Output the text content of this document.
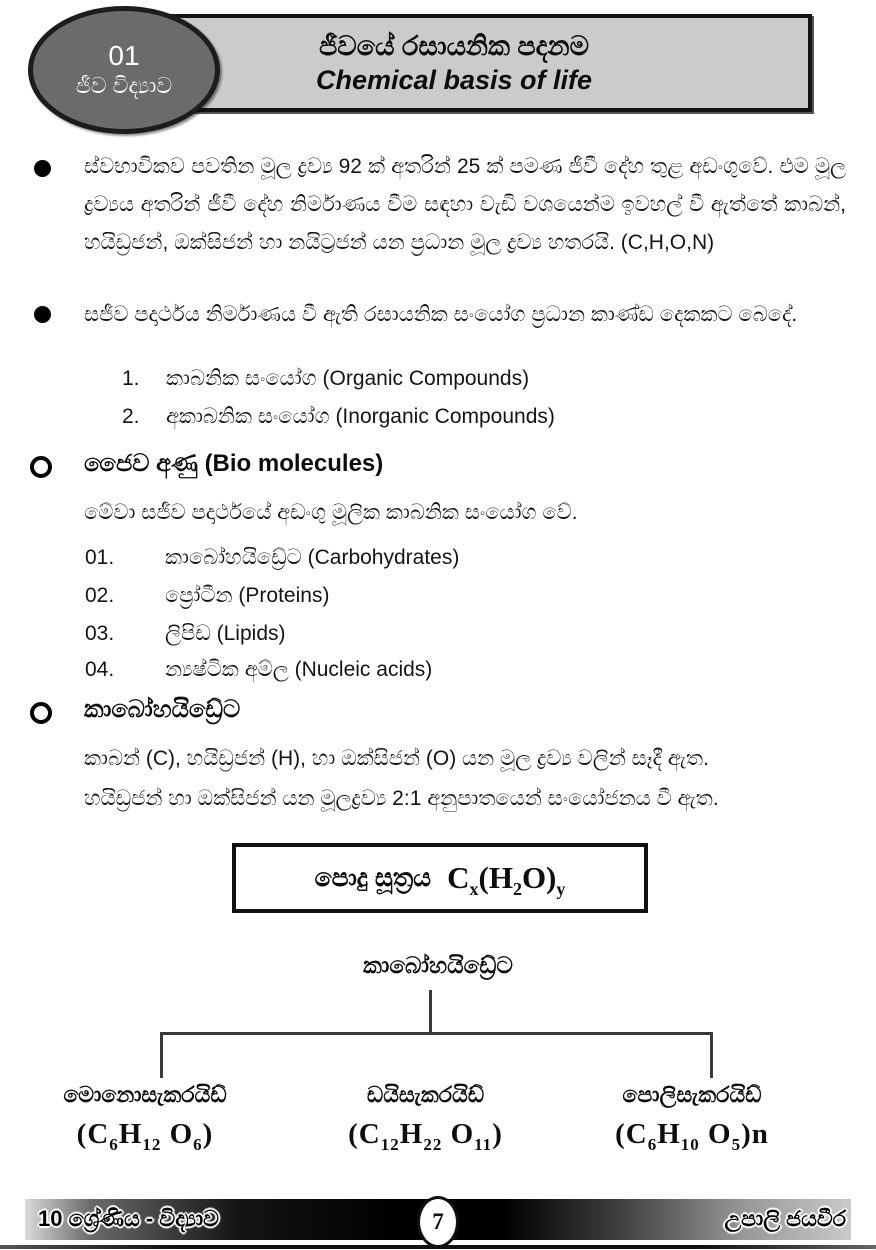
ජීවයේ රසායනික පදනම
Chemical basis of life
01
ජීව විද්‍යාව
ස්වභාවිකව පවතින මූල ද්‍රව්‍ය 92 ක් අතරින් 25 ක් පමණ ජීවී දේහ තුළ අඩංගුවේ. එම මූල ද්‍රව්‍යය අතරින් ජීවී දේහ නිර්මාණය වීම සඳහා වැඩි වශයෙන්ම ඉවහල් වී ඇත්තේ කාබන්, හයිඩ්‍රජන්, ඔක්සිජන් හා නයිට්‍රජන් යන ප්‍රධාන මූල ද්‍රව්‍ය හතරයි. (C,H,O,N)
සජීව පදාර්ථය නිර්මාණය වී ඇති රසායනික සංයෝග ප්‍රධාන කාණ්ඩ දෙකකට බෙදේ.
1.	කාබනික සංයෝග (Organic Compounds)
2.	අකාබනික සංයෝග (Inorganic Compounds)
ජෛව අණු (Bio molecules)
මේවා සජීව පදාර්ථයේ අඩංගු මූලික කාබනික සංයෝග වේ.
01.	කාබෝහයිඩ්‍රේට (Carbohydrates)
02.	ප්‍රෝටීන (Proteins)
03.	ලිපිඩ (Lipids)
04.	න්‍යෂ්ටික අම්ල (Nucleic acids)
කාබෝහයිඩ්‍රේට
කාබන් (C), හයිඩ්‍රජන් (H), හා ඔක්සිජන් (O) යන මූල ද්‍රව්‍ය වලින් සෑදී ඇත.
හයිඩ්‍රජන් හා ඔක්සිජන් යන මූලද්‍රව්‍ය 2:1 අනුපාතයෙන් සංයෝජනය වී ඇත.
පොදු සූත්‍රය $C_x(H_2O)_y$
කාබෝහයිඩ්‍රේට
මොනොසැකරයිඩ්
($C_6H_{12}$ $O_6$)
ඩයිසැකරයිඩ්
($C_{12}H_{22}$ $O_{11}$)
පොලිසැකරයිඩ්
($C_6H_{10}$ $O_5)n$
10 ශ්‍රේණිය - විද්‍යාව	උපාලි ජයවීර
7
